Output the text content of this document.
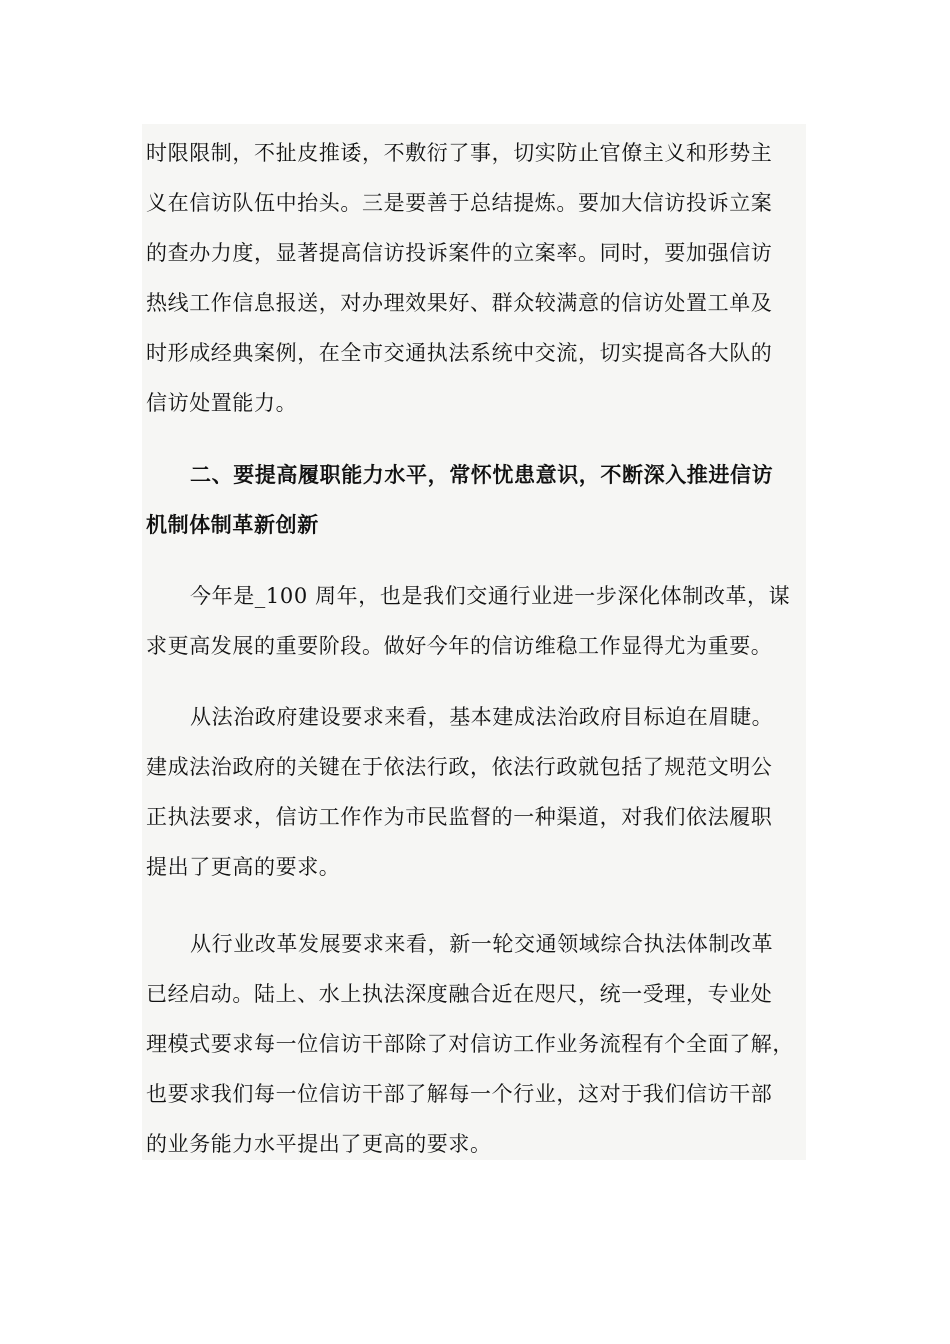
时限限制，不扯皮推诿，不敷衍了事，切实防止官僚主义和形势主
义在信访队伍中抬头。三是要善于总结提炼。要加大信访投诉立案
的查办力度，显著提高信访投诉案件的立案率。同时，要加强信访
热线工作信息报送，对办理效果好、群众较满意的信访处置工单及
时形成经典案例，在全市交通执法系统中交流，切实提高各大队的
信访处置能力。
二、要提高履职能力水平，常怀忧患意识，不断深入推进信访
机制体制革新创新
今年是_100 周年，也是我们交通行业进一步深化体制改革，谋
求更高发展的重要阶段。做好今年的信访维稳工作显得尤为重要。
从法治政府建设要求来看，基本建成法治政府目标迫在眉睫。
建成法治政府的关键在于依法行政，依法行政就包括了规范文明公
正执法要求，信访工作作为市民监督的一种渠道，对我们依法履职
提出了更高的要求。
从行业改革发展要求来看，新一轮交通领域综合执法体制改革
已经启动。陆上、水上执法深度融合近在咫尺，统一受理，专业处
理模式要求每一位信访干部除了对信访工作业务流程有个全面了解，
也要求我们每一位信访干部了解每一个行业，这对于我们信访干部
的业务能力水平提出了更高的要求。
